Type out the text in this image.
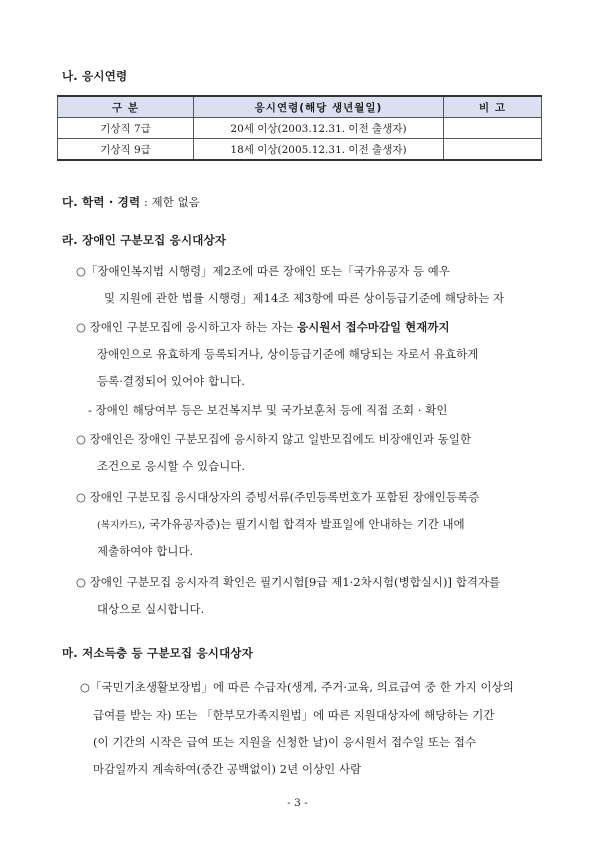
나. 응시연령
구 분	응시연령(해당 생년월일)	비 고
기상직 7급	20세 이상(2003.12.31. 이전 출생자)	
기상직 9급	18세 이상(2005.12.31. 이전 출생자)	
다. 학력 · 경력 : 제한 없음
라. 장애인 구분모집 응시대상자
○「장애인복지법 시행령」제2조에 따른 장애인 또는「국가유공자 등 예우
및 지원에 관한 법률 시행령」제14조 제3항에 따른 상이등급기준에 해당하는 자
○ 장애인 구분모집에 응시하고자 하는 자는 응시원서 접수마감일 현재까지
장애인으로 유효하게 등록되거나, 상이등급기준에 해당되는 자로서 유효하게
등록·결정되어 있어야 합니다.
- 장애인 해당여부 등은 보건복지부 및 국가보훈처 등에 직접 조회 · 확인
○ 장애인은 장애인 구분모집에 응시하지 않고 일반모집에도 비장애인과 동일한
조건으로 응시할 수 있습니다.
○ 장애인 구분모집 응시대상자의 증빙서류(주민등록번호가 포함된 장애인등록증
(복지카드), 국가유공자증)는 필기시험 합격자 발표일에 안내하는 기간 내에
제출하여야 합니다.
○ 장애인 구분모집 응시자격 확인은 필기시험[9급 제1·2차시험(병합실시)] 합격자를
대상으로 실시합니다.
마. 저소득층 등 구분모집 응시대상자
○「국민기초생활보장법」에 따른 수급자(생계, 주거·교육, 의료급여 중 한 가지 이상의
급여를 받는 자) 또는 「한부모가족지원법」에 따른 지원대상자에 해당하는 기간
(이 기간의 시작은 급여 또는 지원을 신청한 날)이 응시원서 접수일 또는 접수
마감일까지 계속하여(중간 공백없이) 2년 이상인 사람
- 3 -
